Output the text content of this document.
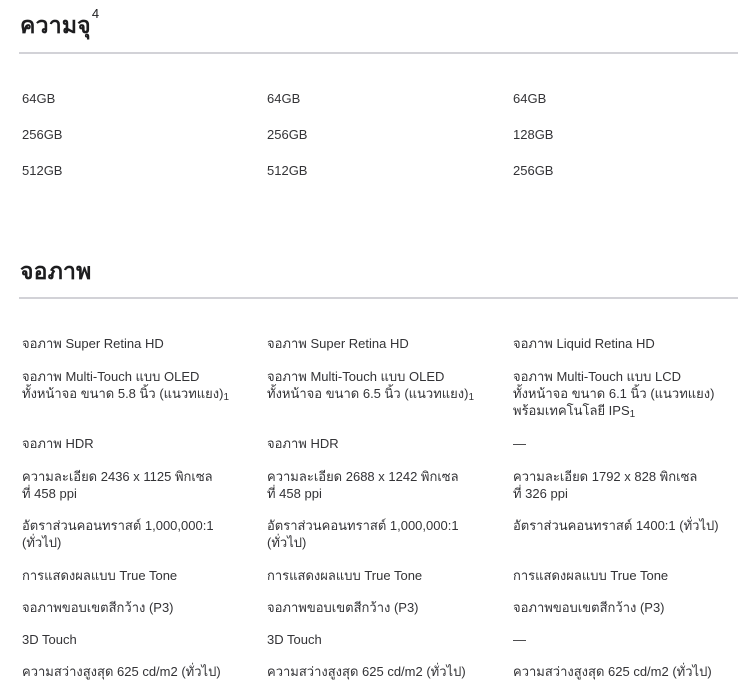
ความจุ$^4$
64GB
256GB
512GB
64GB
256GB
512GB
64GB
128GB
256GB
จอภาพ
จอภาพ Super Retina HD
จอภาพ Multi-Touch แบบ OLED
ทั้งหน้าจอ ขนาด 5.8 นิ้ว (แนวทแยง)$_1$
จอภาพ HDR
ความละเอียด 2436 x 1125 พิกเซล
ที่ 458 ppi
อัตราส่วนคอนทราสต์ 1,000,000:1
(ทั่วไป)
การแสดงผลแบบ True Tone
จอภาพขอบเขตสีกว้าง (P3)
3D Touch
ความสว่างสูงสุด 625 cd/m2 (ทั่วไป)
จอภาพ Super Retina HD
จอภาพ Multi-Touch แบบ OLED
ทั้งหน้าจอ ขนาด 6.5 นิ้ว (แนวทแยง)$_1$
จอภาพ HDR
ความละเอียด 2688 x 1242 พิกเซล
ที่ 458 ppi
อัตราส่วนคอนทราสต์ 1,000,000:1
(ทั่วไป)
การแสดงผลแบบ True Tone
จอภาพขอบเขตสีกว้าง (P3)
3D Touch
ความสว่างสูงสุด 625 cd/m2 (ทั่วไป)
จอภาพ Liquid Retina HD
จอภาพ Multi-Touch แบบ LCD
ทั้งหน้าจอ ขนาด 6.1 นิ้ว (แนวทแยง)
พร้อมเทคโนโลยี $IPS_1$
—
ความละเอียด 1792 x 828 พิกเซล
ที่ 326 ppi
อัตราส่วนคอนทราสต์ 1400:1 (ทั่วไป)
การแสดงผลแบบ True Tone
จอภาพขอบเขตสีกว้าง (P3)
—
ความสว่างสูงสุด 625 cd/m2 (ทั่วไป)
